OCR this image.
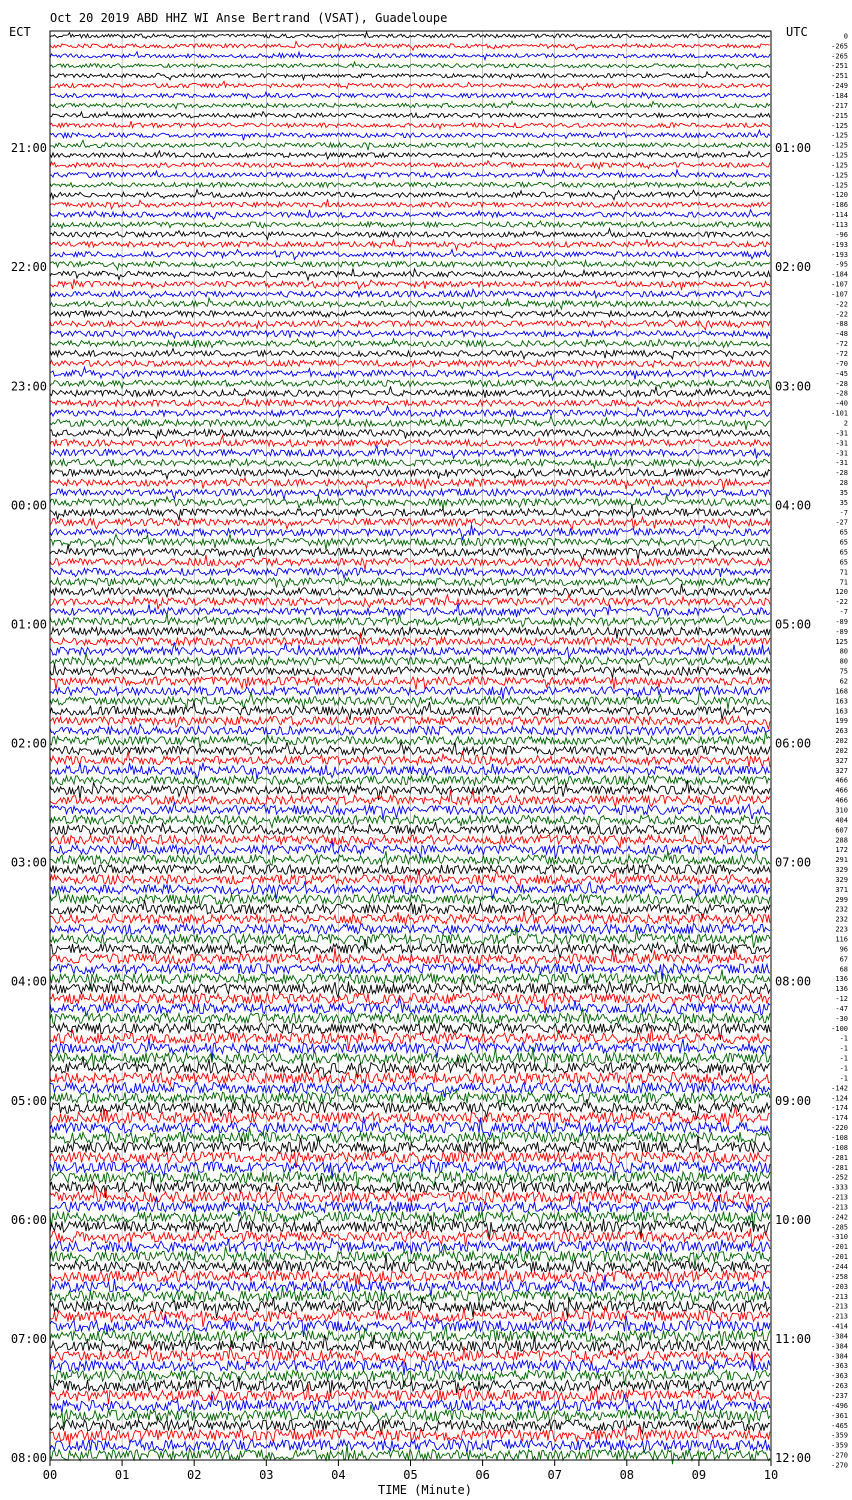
Oct 20 2019 ABD HHZ WI Anse Bertrand (VSAT), Guadeloupe
ECT	UTC
TIME (Minute)
00	01	02	03	04	05	06	07	08	09	10
21:00
22:00
23:00
00:00
01:00
02:00
03:00
04:00
05:00
06:00
07:00
08:00
01:00
02:00
03:00
04:00
05:00
06:00
07:00
08:00
09:00
10:00
11:00
12:00
0
-265
-265
-251
-251
-249
-184
-217
-215
-125
-125
-125
-125
-125
-125
-125
-120
-186
-114
-113
-96
-193
-193
-95
-184
-107
-107
-22
-22
-88
-48
-72
-72
-70
-45
-28
-28
-40
-101
2
-31
-31
-31
-31
-28
28
35
35
-7
-27
65
65
65
65
71
71
120
-22
-7
-89
-89
125
80
80
75
62
168
163
163
199
263
202
202
327
327
466
466
466
310
404
607
288
172
291
329
329
371
299
232
232
223
116
96
67
68
136
136
-12
-47
-30
-100
-1
-1
-1
-1
-1
-142
-124
-174
-174
-220
-108
-108
-281
-281
-252
-333
-213
-213
-242
-285
-310
-201
-201
-244
-258
-203
-213
-213
-213
-414
-384
-384
-384
-363
-363
-263
-237
-496
-361
-465
-359
-359
-270
-270
